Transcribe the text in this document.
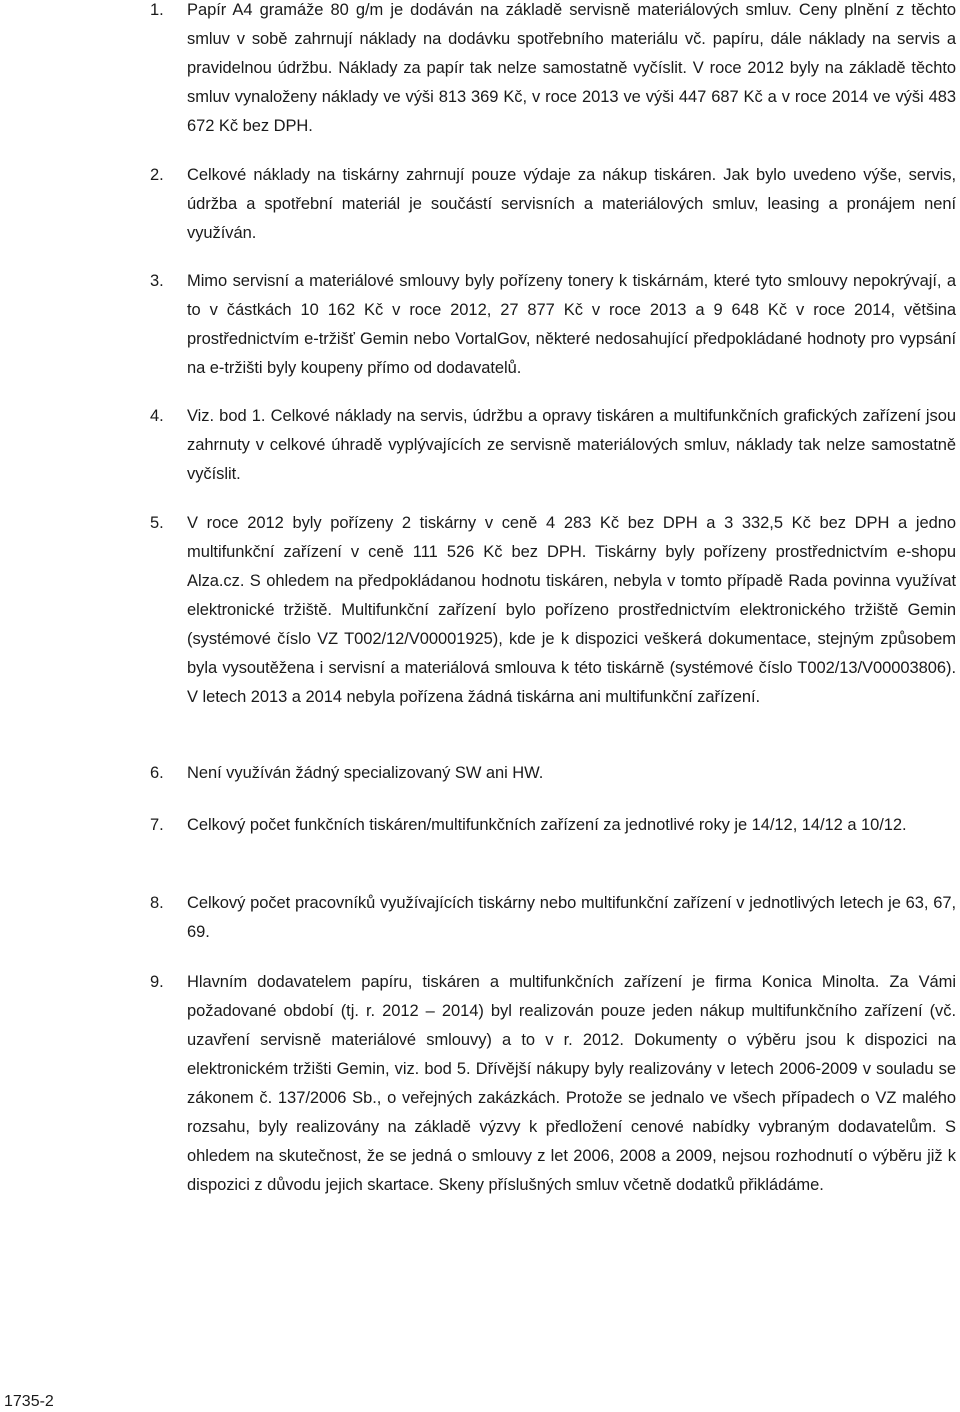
1. Papír A4 gramáže 80 g/m je dodáván na základě servisně materiálových smluv. Ceny plnění z těchto smluv v sobě zahrnují náklady na dodávku spotřebního materiálu vč. papíru, dále náklady na servis a pravidelnou údržbu. Náklady za papír tak nelze samostatně vyčíslit. V roce 2012 byly na základě těchto smluv vynaloženy náklady ve výši 813 369 Kč, v roce 2013 ve výši 447 687 Kč a v roce 2014 ve výši 483 672 Kč bez DPH.
2. Celkové náklady na tiskárny zahrnují pouze výdaje za nákup tiskáren. Jak bylo uvedeno výše, servis, údržba a spotřební materiál je součástí servisních a materiálových smluv, leasing a pronájem není využíván.
3. Mimo servisní a materiálové smlouvy byly pořízeny tonery k tiskárnám, které tyto smlouvy nepokrývají, a to v částkách 10 162 Kč v roce 2012, 27 877 Kč v roce 2013 a 9 648 Kč v roce 2014, většina prostřednictvím e-tržišť Gemin nebo VortalGov, některé nedosahující předpokládané hodnoty pro vypsání na e-tržišti byly koupeny přímo od dodavatelů.
4. Viz. bod 1. Celkové náklady na servis, údržbu a opravy tiskáren a multifunkčních grafických zařízení jsou zahrnuty v celkové úhradě vyplývajících ze servisně materiálových smluv, náklady tak nelze samostatně vyčíslit.
5. V roce 2012 byly pořízeny 2 tiskárny v ceně 4 283 Kč bez DPH a 3 332,5 Kč bez DPH a jedno multifunkční zařízení v ceně 111 526 Kč bez DPH. Tiskárny byly pořízeny prostřednictvím e-shopu Alza.cz. S ohledem na předpokládanou hodnotu tiskáren, nebyla v tomto případě Rada povinna využívat elektronické tržiště. Multifunkční zařízení bylo pořízeno prostřednictvím elektronického tržiště Gemin (systémové číslo VZ T002/12/V00001925), kde je k dispozici veškerá dokumentace, stejným způsobem byla vysoutěžena i servisní a materiálová smlouva k této tiskárně (systémové číslo T002/13/V00003806). V letech 2013 a 2014 nebyla pořízena žádná tiskárna ani multifunkční zařízení.
6. Není využíván žádný specializovaný SW ani HW.
7. Celkový počet funkčních tiskáren/multifunkčních zařízení za jednotlivé roky je 14/12, 14/12 a 10/12.
8. Celkový počet pracovníků využívajících tiskárny nebo multifunkční zařízení v jednotlivých letech je 63, 67, 69.
9. Hlavním dodavatelem papíru, tiskáren a multifunkčních zařízení je firma Konica Minolta. Za Vámi požadované období (tj. r. 2012 – 2014) byl realizován pouze jeden nákup multifunkčního zařízení (vč. uzavření servisně materiálové smlouvy) a to v r. 2012. Dokumenty o výběru jsou k dispozici na elektronickém tržišti Gemin, viz. bod 5. Dřívější nákupy byly realizovány v letech 2006-2009 v souladu se zákonem č. 137/2006 Sb., o veřejných zakázkách. Protože se jednalo ve všech případech o VZ malého rozsahu, byly realizovány na základě výzvy k předložení cenové nabídky vybraným dodavatelům. S ohledem na skutečnost, že se jedná o smlouvy z let 2006, 2008 a 2009, nejsou rozhodnutí o výběru již k dispozici z důvodu jejich skartace. Skeny příslušných smluv včetně dodatků přikládáme.
1735-2
